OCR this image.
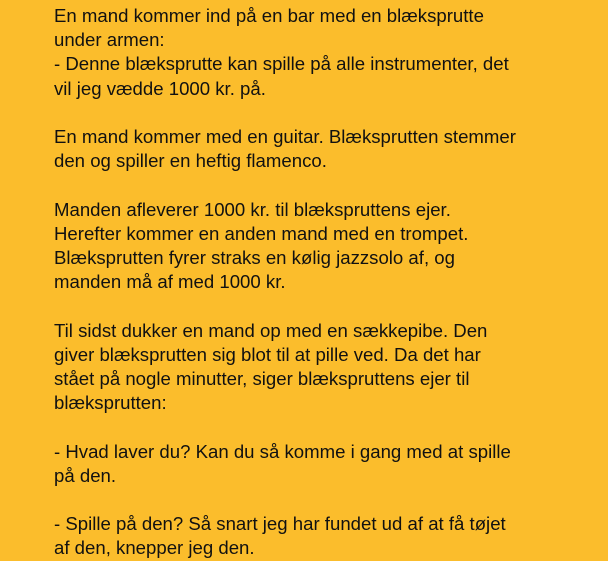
En mand kommer ind på en bar med en blæksprutte
under armen:
- Denne blæksprutte kan spille på alle instrumenter, det
vil jeg vædde 1000 kr. på.

En mand kommer med en guitar. Blæksprutten stemmer
den og spiller en heftig flamenco.

Manden afleverer 1000 kr. til blækspruttens ejer.
Herefter kommer en anden mand med en trompet.
Blæksprutten fyrer straks en kølig jazzsolo af, og
manden må af med 1000 kr.

Til sidst dukker en mand op med en sækkepibe. Den
giver blæksprutten sig blot til at pille ved. Da det har
stået på nogle minutter, siger blækspruttens ejer til
blæksprutten:

- Hvad laver du? Kan du så komme i gang med at spille
på den.

- Spille på den? Så snart jeg har fundet ud af at få tøjet
af den, knepper jeg den.
